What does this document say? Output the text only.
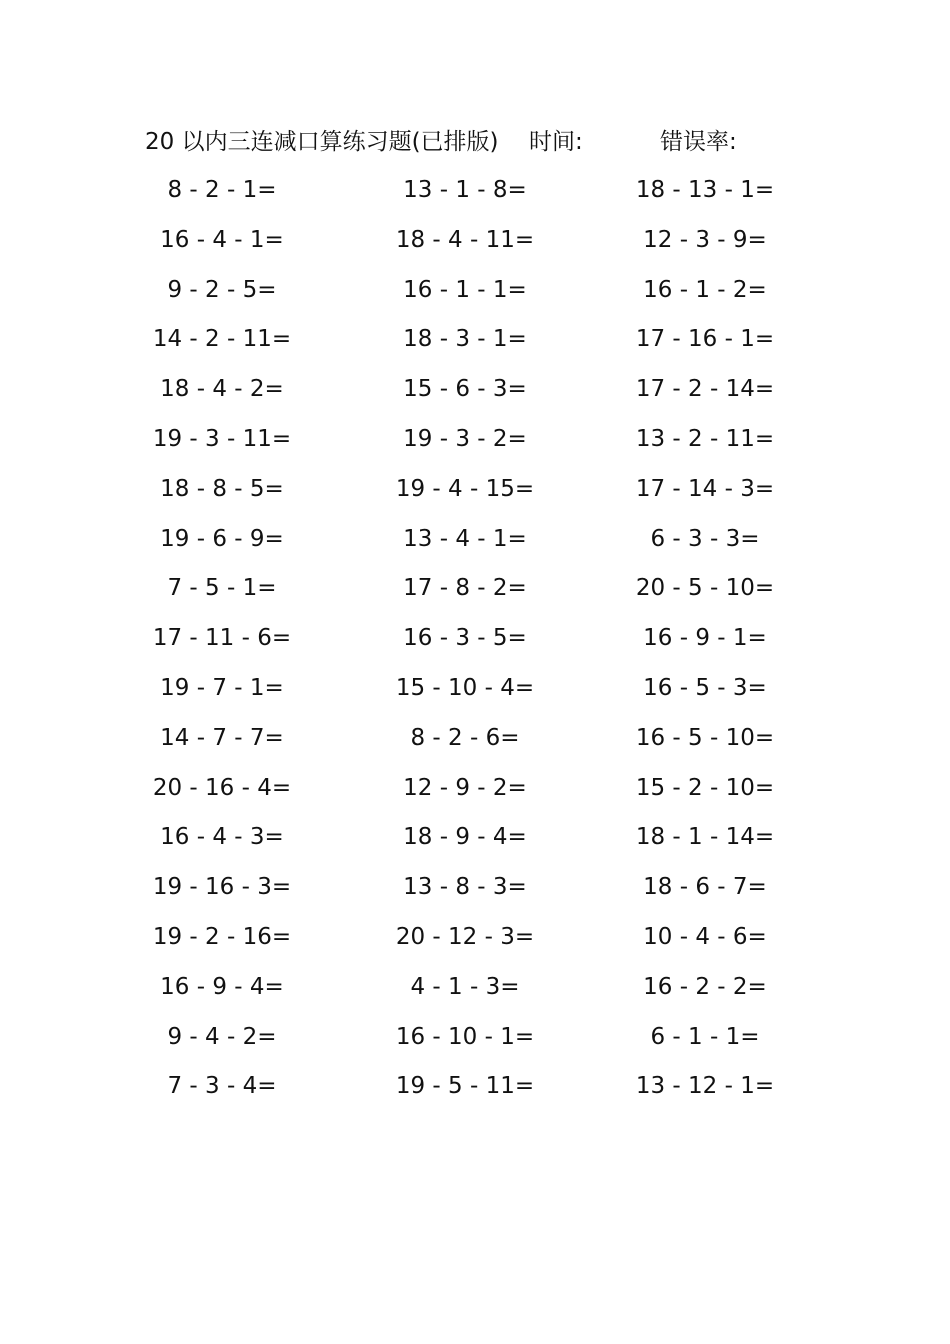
20 以内三连减口算练习题(已排版) 时间:	错误率:
8 - 2 - 1=	13 - 1 - 8=	18 - 13 - 1=
16 - 4 - 1=	18 - 4 - 11=	12 - 3 - 9=
9 - 2 - 5=	16 - 1 - 1=	16 - 1 - 2=
14 - 2 - 11=	18 - 3 - 1=	17 - 16 - 1=
18 - 4 - 2=	15 - 6 - 3=	17 - 2 - 14=
19 - 3 - 11=	19 - 3 - 2=	13 - 2 - 11=
18 - 8 - 5=	19 - 4 - 15=	17 - 14 - 3=
19 - 6 - 9=	13 - 4 - 1=	6 - 3 - 3=
7 - 5 - 1=	17 - 8 - 2=	20 - 5 - 10=
17 - 11 - 6=	16 - 3 - 5=	16 - 9 - 1=
19 - 7 - 1=	15 - 10 - 4=	16 - 5 - 3=
14 - 7 - 7=	8 - 2 - 6=	16 - 5 - 10=
20 - 16 - 4=	12 - 9 - 2=	15 - 2 - 10=
16 - 4 - 3=	18 - 9 - 4=	18 - 1 - 14=
19 - 16 - 3=	13 - 8 - 3=	18 - 6 - 7=
19 - 2 - 16=	20 - 12 - 3=	10 - 4 - 6=
16 - 9 - 4=	4 - 1 - 3=	16 - 2 - 2=
9 - 4 - 2=	16 - 10 - 1=	6 - 1 - 1=
7 - 3 - 4=	19 - 5 - 11=	13 - 12 - 1=
